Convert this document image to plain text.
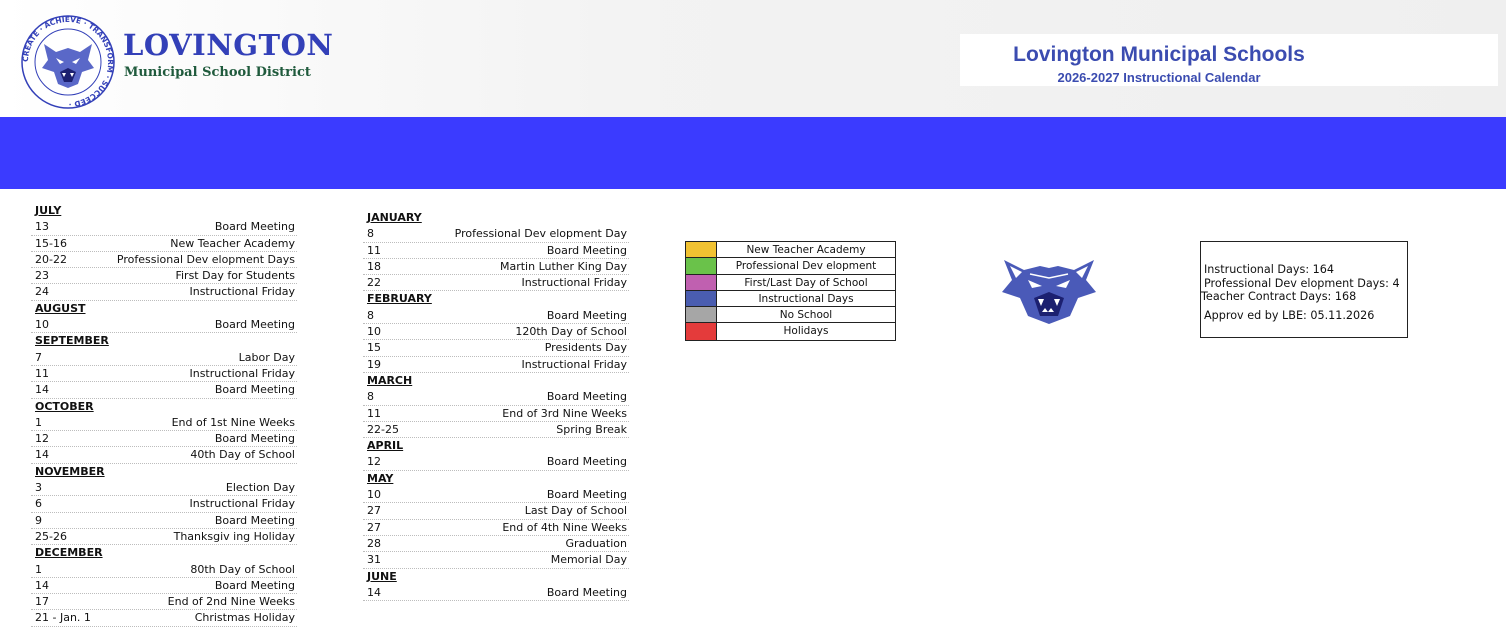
CREATE · ACHIEVE · TRANSFORM · SUCCEED ·
LOVINGTON
Municipal School District
Lovington Municipal Schools
2026-2027 Instructional Calendar
JULY
13	Board Meeting
15-16	New Teacher Academy
20-22	Professional Dev elopment Days
23	First Day for Students
24	Instructional Friday
AUGUST
10	Board Meeting
SEPTEMBER
7	Labor Day
11	Instructional Friday
14	Board Meeting
OCTOBER
1	End of 1st Nine Weeks
12	Board Meeting
14	40th Day of School
NOVEMBER
3	Election Day
6	Instructional Friday
9	Board Meeting
25-26	Thanksgiv ing Holiday
DECEMBER
1	80th Day of School
14	Board Meeting
17	End of 2nd Nine Weeks
21 - Jan. 1	Christmas Holiday
JANUARY
8	Professional Dev elopment Day
11	Board Meeting
18	Martin Luther King Day
22	Instructional Friday
FEBRUARY
8	Board Meeting
10	120th Day of School
15	Presidents Day
19	Instructional Friday
MARCH
8	Board Meeting
11	End of 3rd Nine Weeks
22-25	Spring Break
APRIL
12	Board Meeting
MAY
10	Board Meeting
27	Last Day of School
27	End of 4th Nine Weeks
28	Graduation
31	Memorial Day
JUNE
14	Board Meeting
New Teacher Academy
Professional Dev elopment
First/Last Day of School
Instructional Days
No School
Holidays
Instructional Days: 164
Professional Dev elopment Days: 4
Teacher Contract Days: 168
Approv ed by LBE: 05.11.2026
